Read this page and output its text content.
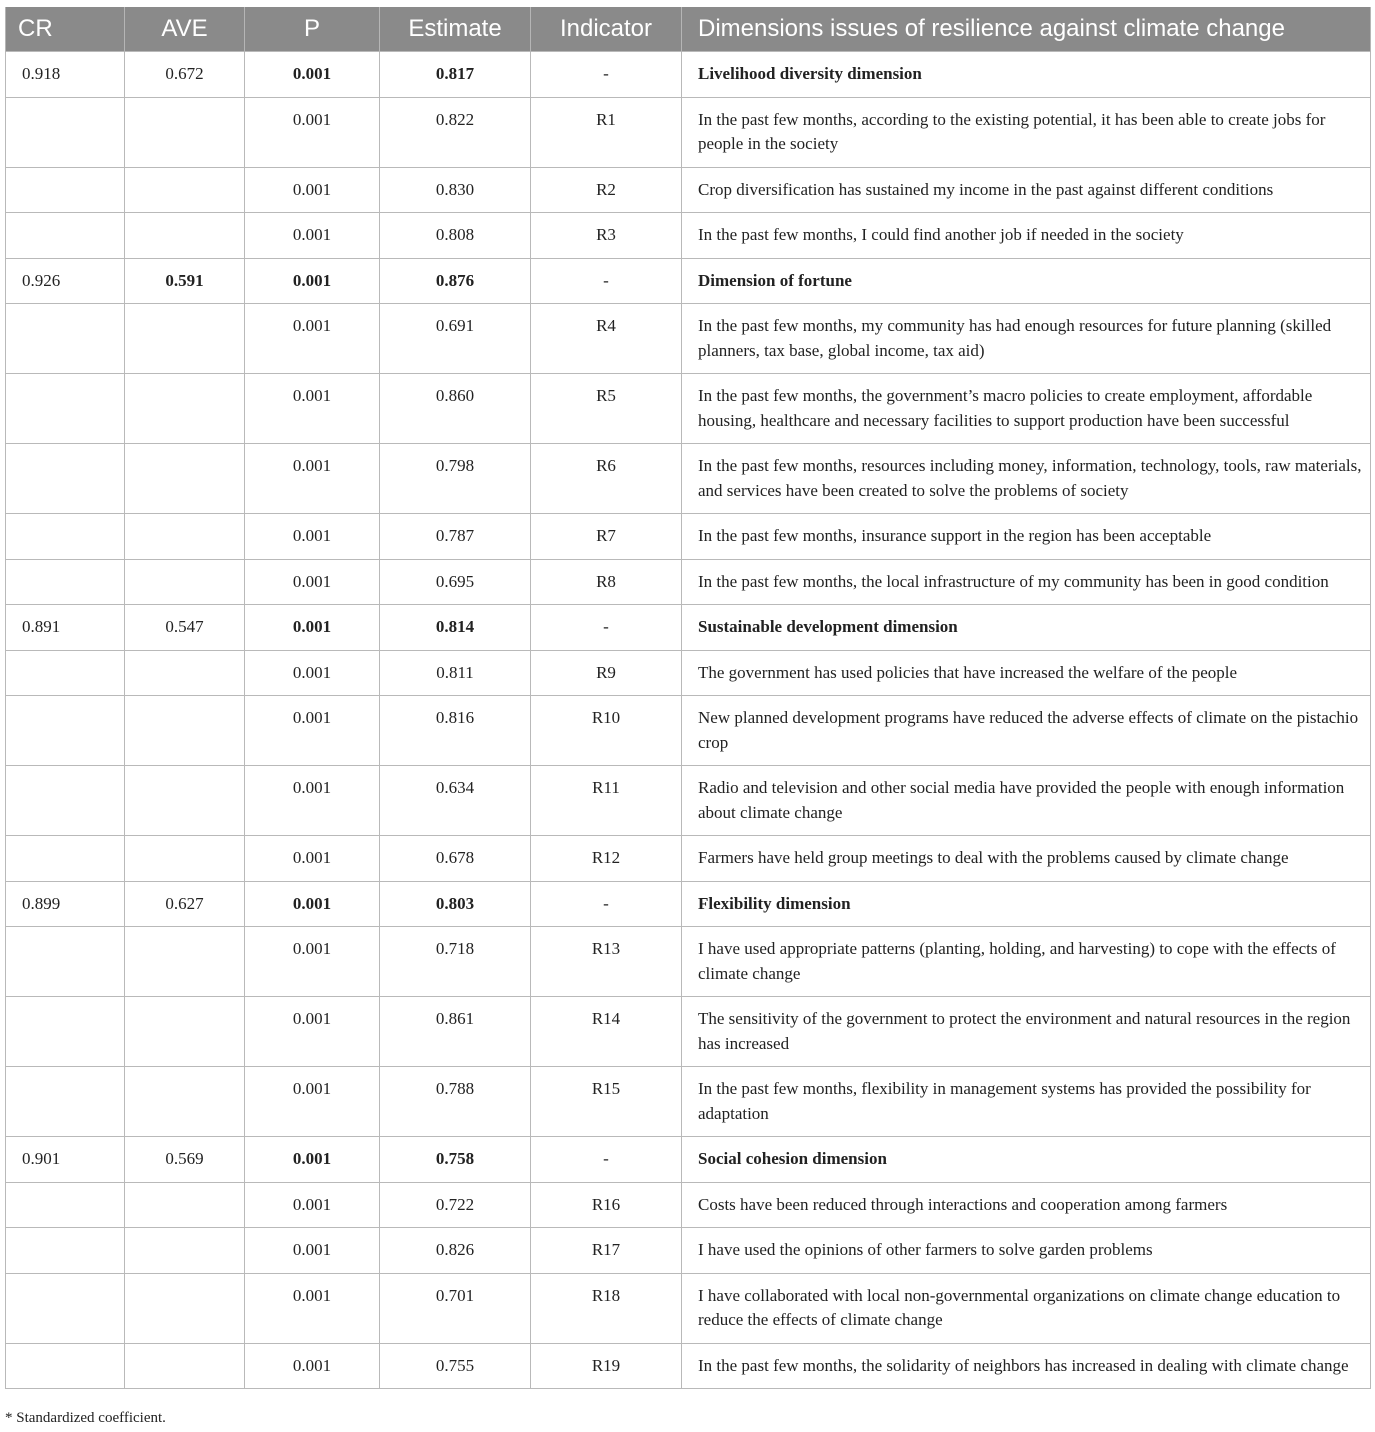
CR	AVE	P	Estimate	Indicator	Dimensions issues of resilience against climate change
0.918	0.672	0.001	0.817	-	Livelihood diversity dimension
		0.001	0.822	R1	In the past few months, according to the existing potential, it has been able to create jobs for people in the society
		0.001	0.830	R2	Crop diversification has sustained my income in the past against different conditions
		0.001	0.808	R3	In the past few months, I could find another job if needed in the society
0.926	0.591	0.001	0.876	-	Dimension of fortune
		0.001	0.691	R4	In the past few months, my community has had enough resources for future planning (skilled planners, tax base, global income, tax aid)
		0.001	0.860	R5	In the past few months, the government’s macro policies to create employment, affordable housing, healthcare and necessary facilities to support production have been successful
		0.001	0.798	R6	In the past few months, resources including money, information, technology, tools, raw materials, and services have been created to solve the problems of society
		0.001	0.787	R7	In the past few months, insurance support in the region has been acceptable
		0.001	0.695	R8	In the past few months, the local infrastructure of my community has been in good condition
0.891	0.547	0.001	0.814	-	Sustainable development dimension
		0.001	0.811	R9	The government has used policies that have increased the welfare of the people
		0.001	0.816	R10	New planned development programs have reduced the adverse effects of climate on the pistachio crop
		0.001	0.634	R11	Radio and television and other social media have provided the people with enough information about climate change
		0.001	0.678	R12	Farmers have held group meetings to deal with the problems caused by climate change
0.899	0.627	0.001	0.803	-	Flexibility dimension
		0.001	0.718	R13	I have used appropriate patterns (planting, holding, and harvesting) to cope with the effects of climate change
		0.001	0.861	R14	The sensitivity of the government to protect the environment and natural resources in the region has increased
		0.001	0.788	R15	In the past few months, flexibility in management systems has provided the possibility for adaptation
0.901	0.569	0.001	0.758	-	Social cohesion dimension
		0.001	0.722	R16	Costs have been reduced through interactions and cooperation among farmers
		0.001	0.826	R17	I have used the opinions of other farmers to solve garden problems
		0.001	0.701	R18	I have collaborated with local non-governmental organizations on climate change education to reduce the effects of climate change
		0.001	0.755	R19	In the past few months, the solidarity of neighbors has increased in dealing with climate change
* Standardized coefficient.
